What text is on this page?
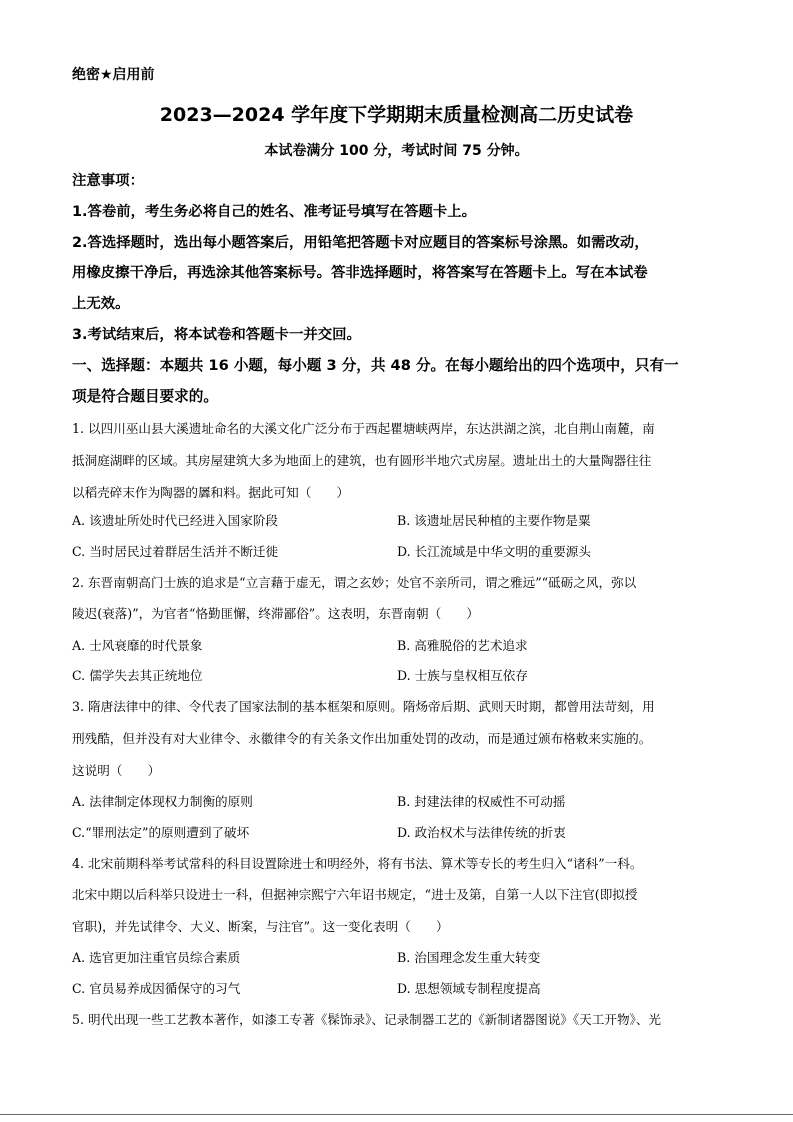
绝密★启用前
2023—2024 学年度下学期期末质量检测高二历史试卷
本试卷满分 100 分，考试时间 75 分钟。
注意事项：
1.答卷前，考生务必将自己的姓名、准考证号填写在答题卡上。
2.答选择题时，选出每小题答案后，用铅笔把答题卡对应题目的答案标号涂黑。如需改动，
用橡皮擦干净后，再选涂其他答案标号。答非选择题时，将答案写在答题卡上。写在本试卷
上无效。
3.考试结束后，将本试卷和答题卡一并交回。
一、选择题：本题共 16 小题，每小题 3 分，共 48 分。在每小题给出的四个选项中，只有一
项是符合题目要求的。
1. 以四川巫山县大溪遗址命名的大溪文化广泛分布于西起瞿塘峡两岸，东达洪湖之滨，北自荆山南麓，南
抵洞庭湖畔的区域。其房屋建筑大多为地面上的建筑，也有圆形半地穴式房屋。遗址出土的大量陶器往往
以稻壳碎末作为陶器的羼和料。据此可知（　　）
A. 该遗址所处时代已经进入国家阶段	B. 该遗址居民种植的主要作物是粟
C. 当时居民过着群居生活并不断迁徙	D. 长江流域是中华文明的重要源头
2. 东晋南朝高门士族的追求是“立言藉于虚无，谓之玄妙；处官不亲所司，谓之雅远”“砥砺之风，弥以
陵迟(衰落)”，为官者“恪勤匪懈，终滞鄙俗”。这表明，东晋南朝（　　）
A. 士风衰靡的时代景象	B. 高雅脱俗的艺术追求
C. 儒学失去其正统地位	D. 士族与皇权相互依存
3. 隋唐法律中的律、令代表了国家法制的基本框架和原则。隋炀帝后期、武则天时期，都曾用法苛刻，用
刑残酷，但并没有对大业律令、永徽律令的有关条文作出加重处罚的改动，而是通过颁布格敕来实施的。
这说明（　　）
A. 法律制定体现权力制衡的原则	B. 封建法律的权威性不可动摇
C.“罪刑法定”的原则遭到了破坏	D. 政治权术与法律传统的折衷
4. 北宋前期科举考试常科的科目设置除进士和明经外，将有书法、算术等专长的考生归入“诸科”一科。
北宋中期以后科举只设进士一科，但据神宗熙宁六年诏书规定，“进士及第，自第一人以下注官(即拟授
官职)，并先试律令、大义、断案，与注官”。这一变化表明（　　）
A. 选官更加注重官员综合素质	B. 治国理念发生重大转变
C. 官员易养成因循保守的习气	D. 思想领域专制程度提高
5. 明代出现一些工艺教本著作，如漆工专著《髹饰录》、记录制器工艺的《新制诸器图说》《天工开物》、光
